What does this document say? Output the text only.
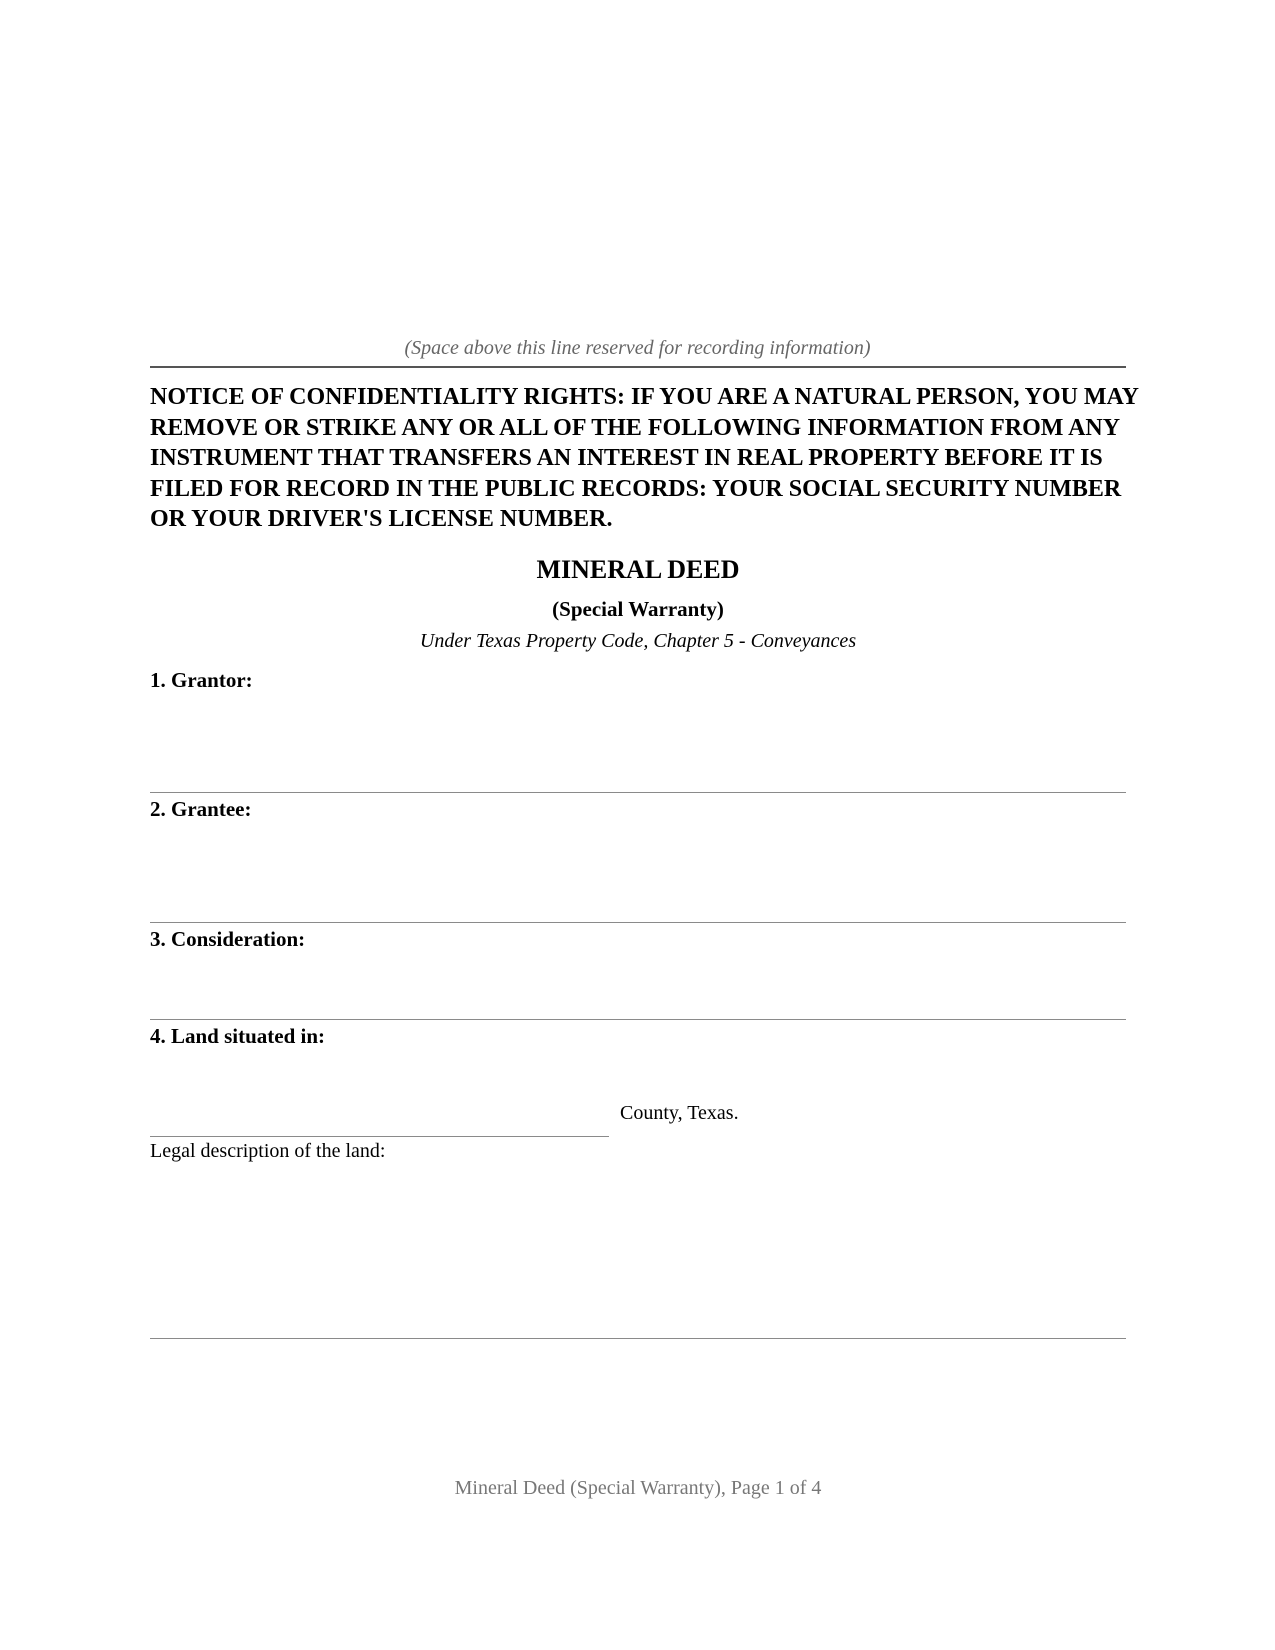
(Space above this line reserved for recording information)
NOTICE OF CONFIDENTIALITY RIGHTS: IF YOU ARE A NATURAL PERSON, YOU MAY REMOVE OR STRIKE ANY OR ALL OF THE FOLLOWING INFORMATION FROM ANY INSTRUMENT THAT TRANSFERS AN INTEREST IN REAL PROPERTY BEFORE IT IS FILED FOR RECORD IN THE PUBLIC RECORDS: YOUR SOCIAL SECURITY NUMBER OR YOUR DRIVER'S LICENSE NUMBER.
MINERAL DEED
(Special Warranty)
Under Texas Property Code, Chapter 5 - Conveyances
1. Grantor:
2. Grantee:
3. Consideration:
4. Land situated in:
County, Texas.
Legal description of the land:
Mineral Deed (Special Warranty), Page 1 of 4
